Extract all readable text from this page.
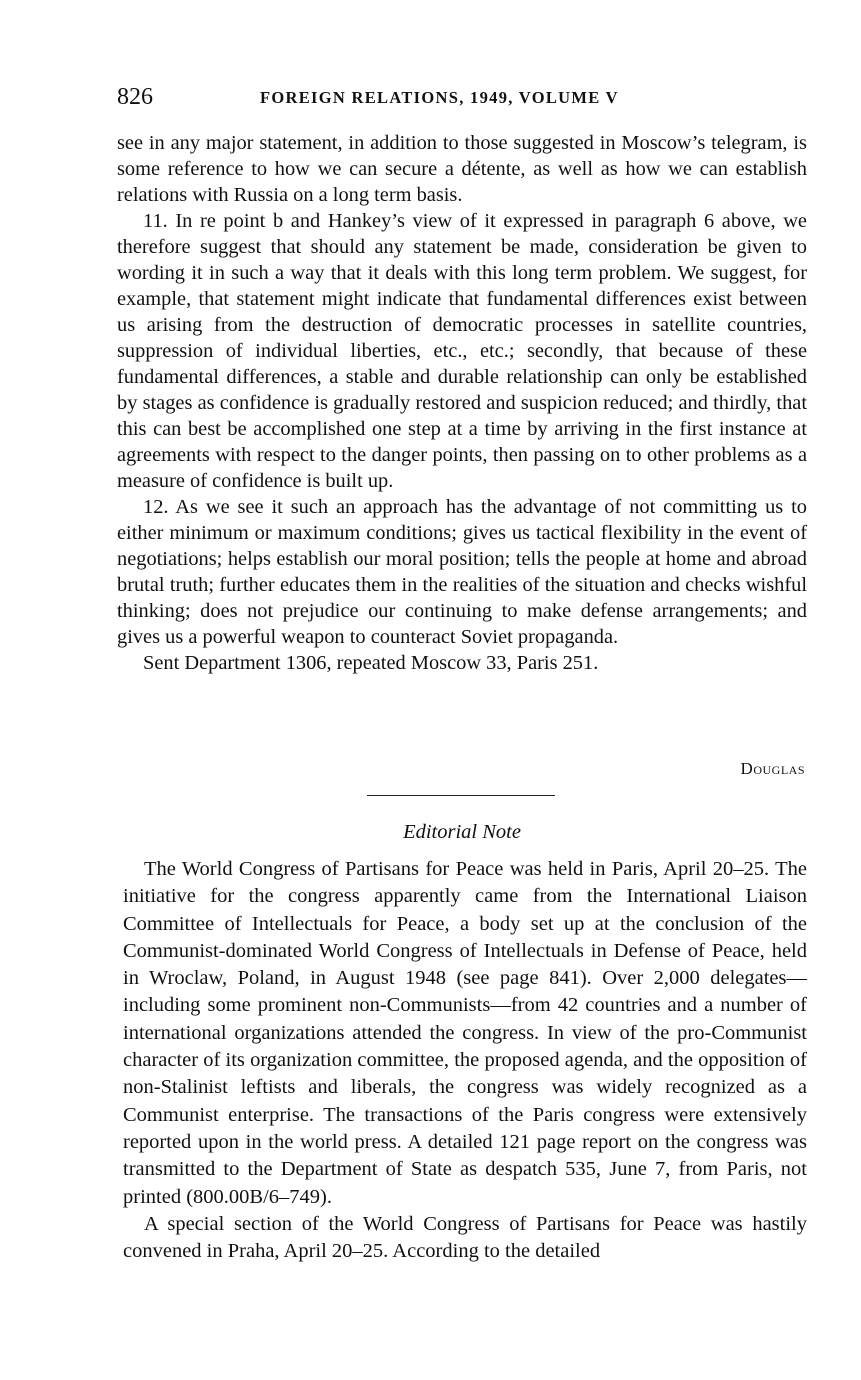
826	FOREIGN RELATIONS, 1949, VOLUME V

see in any major statement, in addition to those suggested in Moscow’s telegram, is some reference to how we can secure a détente, as well as how we can establish relations with Russia on a long term basis.

11. In re point b and Hankey’s view of it expressed in paragraph 6 above, we therefore suggest that should any statement be made, consideration be given to wording it in such a way that it deals with this long term problem. We suggest, for example, that statement might indicate that fundamental differences exist between us arising from the destruction of democratic processes in satellite countries, suppression of individual liberties, etc., etc.; secondly, that because of these fundamental differences, a stable and durable relationship can only be established by stages as confidence is gradually restored and suspicion reduced; and thirdly, that this can best be accomplished one step at a time by arriving in the first instance at agreements with respect to the danger points, then passing on to other problems as a measure of confidence is built up.

12. As we see it such an approach has the advantage of not committing us to either minimum or maximum conditions; gives us tactical flexibility in the event of negotiations; helps establish our moral position; tells the people at home and abroad brutal truth; further educates them in the realities of the situation and checks wishful thinking; does not prejudice our continuing to make defense arrangements; and gives us a powerful weapon to counteract Soviet propaganda.

Sent Department 1306, repeated Moscow 33, Paris 251.

Douglas
Editorial Note

The World Congress of Partisans for Peace was held in Paris, April 20–25. The initiative for the congress apparently came from the International Liaison Committee of Intellectuals for Peace, a body set up at the conclusion of the Communist-dominated World Congress of Intellectuals in Defense of Peace, held in Wroclaw, Poland, in August 1948 (see page 841). Over 2,000 delegates—including some prominent non-Communists—from 42 countries and a number of international organizations attended the congress. In view of the pro-Communist character of its organization committee, the proposed agenda, and the opposition of non-Stalinist leftists and liberals, the congress was widely recognized as a Communist enterprise. The transactions of the Paris congress were extensively reported upon in the world press. A detailed 121 page report on the congress was transmitted to the Department of State as despatch 535, June 7, from Paris, not printed (800.00B/6–749).

A special section of the World Congress of Partisans for Peace was hastily convened in Praha, April 20–25. According to the detailed
